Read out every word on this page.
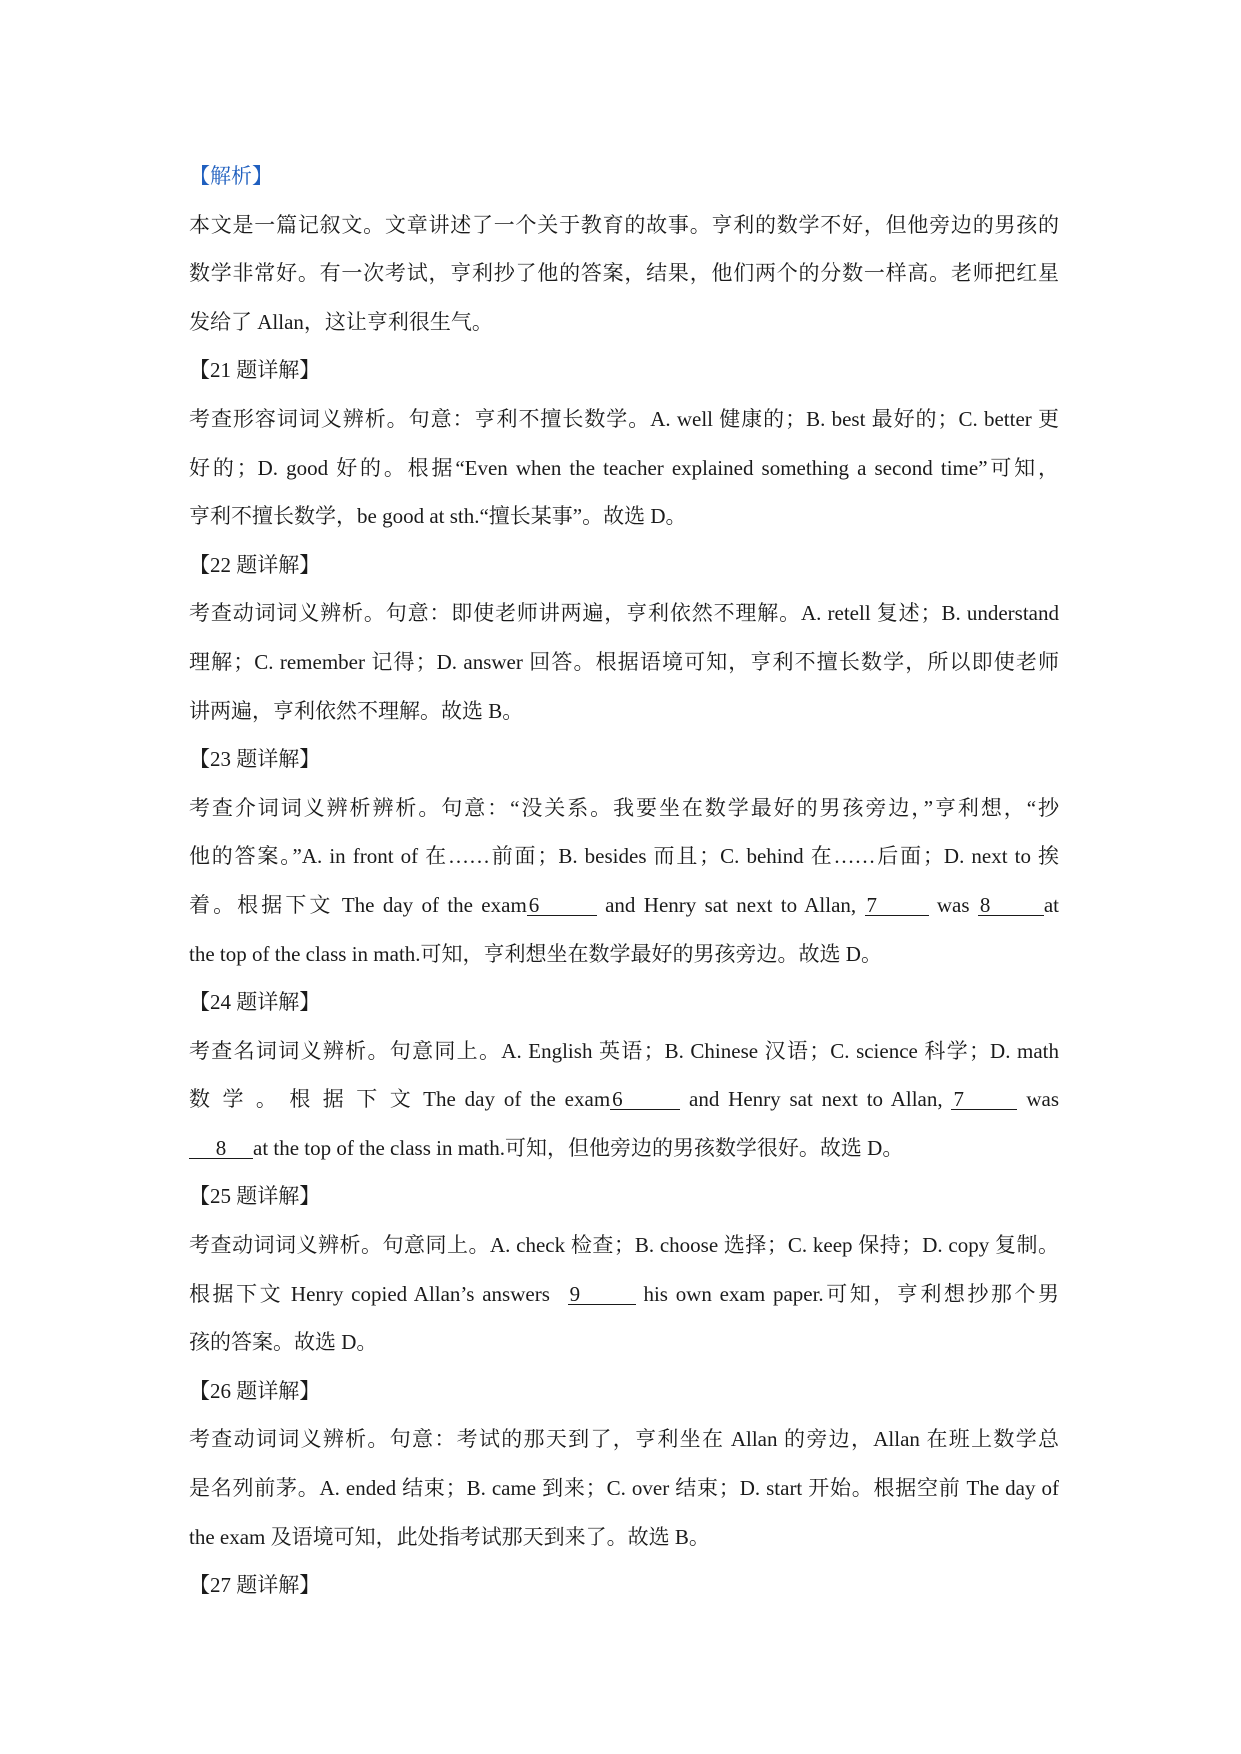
【解析】
本文是一篇记叙文。文章讲述了一个关于教育的故事。亨利的数学不好，但他旁边的男孩的
数学非常好。有一次考试，亨利抄了他的答案，结果，他们两个的分数一样高。老师把红星
发给了 Allan，这让亨利很生气。
【21 题详解】
考查形容词词义辨析。句意：亨利不擅长数学。A. well 健康的；B. best 最好的；C. better 更
好的；D. good 好的。根据“Even when the teacher explained something a second time”可知，
亨利不擅长数学，be good at sth.“擅长某事”。故选 D。
【22 题详解】
考查动词词义辨析。句意：即使老师讲两遍，亨利依然不理解。A. retell 复述；B. understand
理解；C. remember 记得；D. answer 回答。根据语境可知，亨利不擅长数学，所以即使老师
讲两遍，亨利依然不理解。故选 B。
【23 题详解】
考查介词词义辨析辨析。句意：“没关系。我要坐在数学最好的男孩旁边，”亨利想，“抄
他的答案。”A. in front of 在……前面；B. besides 而且；C. behind 在……后面；D. next to 挨
着。根据下文 The day of the exam6	and Henry sat next to Allan, 7 was 8	at
the top of the class in math.可知，亨利想坐在数学最好的男孩旁边。故选 D。
【24 题详解】
考查名词词义辨析。句意同上。A. English 英语；B. Chinese 汉语；C. science 科学；D. math
数 学 。 根 据 下 文 The day of the exam6	and Henry sat next to Allan, 7	was
8 at the top of the class in math.可知，但他旁边的男孩数学很好。故选 D。
【25 题详解】
考查动词词义辨析。句意同上。A. check 检查；B. choose 选择；C. keep 保持；D. copy 复制。
根据下文 Henry copied Allan’s answers 9	his own exam paper.可知，亨利想抄那个男
孩的答案。故选 D。
【26 题详解】
考查动词词义辨析。句意：考试的那天到了，亨利坐在 Allan 的旁边，Allan 在班上数学总
是名列前茅。A. ended 结束；B. came 到来；C. over 结束；D. start 开始。根据空前 The day of
the exam 及语境可知，此处指考试那天到来了。故选 B。
【27 题详解】
